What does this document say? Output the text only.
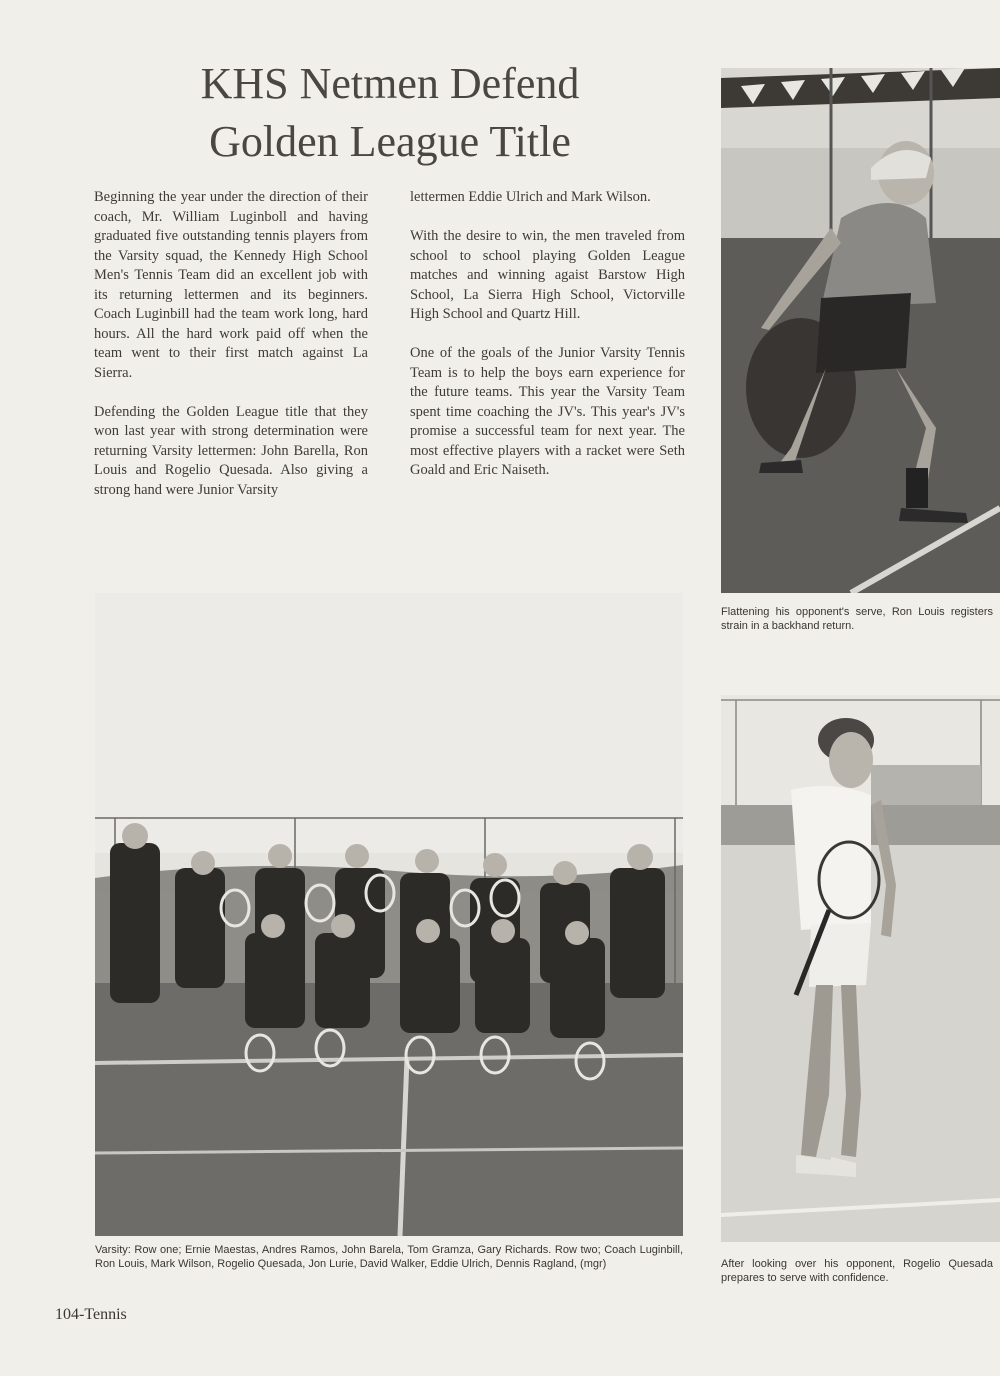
KHS Netmen Defend
Golden League Title

Beginning the year under the direction of their coach, Mr. William Luginboll and having graduated five outstanding tennis players from the Varsity squad, the Kennedy High School Men's Tennis Team did an excellent job with its returning lettermen and its beginners. Coach Luginbill had the team work long, hard hours. All the hard work paid off when the team went to their first match against La Sierra.

Defending the Golden League title that they won last year with strong determination were returning Varsity lettermen: John Barella, Ron Louis and Rogelio Quesada. Also giving a strong hand were Junior Varsity

lettermen Eddie Ulrich and Mark Wilson.

With the desire to win, the men traveled from school to school playing Golden League matches and winning agaist Barstow High School, La Sierra High School, Victorville High School and Quartz Hill.

One of the goals of the Junior Varsity Tennis Team is to help the boys earn experience for the future teams. This year the Varsity Team spent time coaching the JV's. This year's JV's promise a successful team for next year. The most effective players with a racket were Seth Goald and Eric Naiseth.

Flattening his opponent's serve, Ron Louis registers strain in a backhand return.

Varsity: Row one; Ernie Maestas, Andres Ramos, John Barela, Tom Gramza, Gary Richards. Row two; Coach Luginbill, Ron Louis, Mark Wilson, Rogelio Quesada, Jon Lurie, David Walker, Eddie Ulrich, Dennis Ragland, (mgr)	After looking over his opponent, Rogelio Quesada prepares to serve with confidence.

104-Tennis
